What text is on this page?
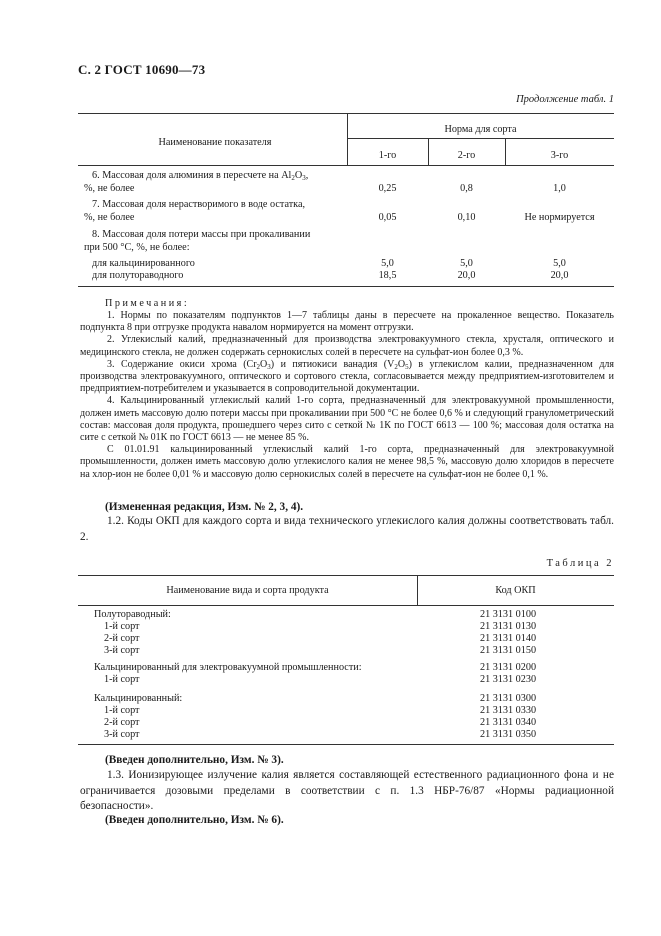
С. 2 ГОСТ 10690—73
Продолжение табл. 1
Наименование показателя
Норма для сорта
1-го	2-го	3-го
6. Массовая доля алюминия в пересчете на $Al_2O_3$,
%, не более	0,25	0,8	1,0
7. Массовая доля нерастворимого в воде остатка,
%, не более	0,05	0,10	Не нормируется
8. Массовая доля потери массы при прокаливании
при 500 °С, %, не более:
для кальцинированного	5,0	5,0	5,0
для полутораводного	18,5	20,0	20,0
Примечания:

1. Нормы по показателям подпунктов 1—7 таблицы даны в пересчете на прокаленное вещество. Показатель подпункта 8 при отгрузке продукта навалом нормируется на момент отгрузки.

2. Углекислый калий, предназначенный для производства электровакуумного стекла, хрусталя, оптического и медицинского стекла, не должен содержать сернокислых солей в пересчете на сульфат-ион более 0,3 %.

3. Содержание окиси хрома $(Cr_2O_3)$ и пятиокиси ванадия $(V_2O_5)$ в углекислом калии, предназначенном для производства электровакуумного, оптического и сортового стекла, согласовывается между предприятием-изготовителем и предприятием-потребителем и указывается в сопроводительной документации.

4. Кальцинированный углекислый калий 1-го сорта, предназначенный для электровакуумной промышленности, должен иметь массовую долю потери массы при прокаливании при 500 °С не более 0,6 % и следующий гранулометрический состав: массовая доля продукта, прошедшего через сито с сеткой № 1К по ГОСТ 6613 — 100 %; массовая доля остатка на сите с сеткой № 01К по ГОСТ 6613 — не менее 85 %.

С 01.01.91 кальцинированный углекислый калий 1-го сорта, предназначенный для электровакуумной промышленности, должен иметь массовую долю углекислого калия не менее 98,5 %, массовую долю хлоридов в пересчете на хлор-ион не более 0,01 % и массовую долю сернокислых солей в пересчете на сульфат-ион не более 0,1 %.

(Измененная редакция, Изм. № 2, 3, 4).

1.2. Коды ОКП для каждого сорта и вида технического углекислого калия должны соответствовать табл. 2.

Таблица 2
Наименование вида и сорта продукта	Код ОКП
Полутораводный:	21 3131 0100
1-й сорт	21 3131 0130
2-й сорт	21 3131 0140
3-й сорт	21 3131 0150
Кальцинированный для электровакуумной промышленности:	21 3131 0200
1-й сорт	21 3131 0230
Кальцинированный:	21 3131 0300
1-й сорт	21 3131 0330
2-й сорт	21 3131 0340
3-й сорт	21 3131 0350
(Введен дополнительно, Изм. № 3).

1.3. Ионизирующее излучение калия является составляющей естественного радиационного фона и не ограничивается дозовыми пределами в соответствии с п. 1.3 НБР-76/87 «Нормы радиационной безопасности».

(Введен дополнительно, Изм. № 6).
